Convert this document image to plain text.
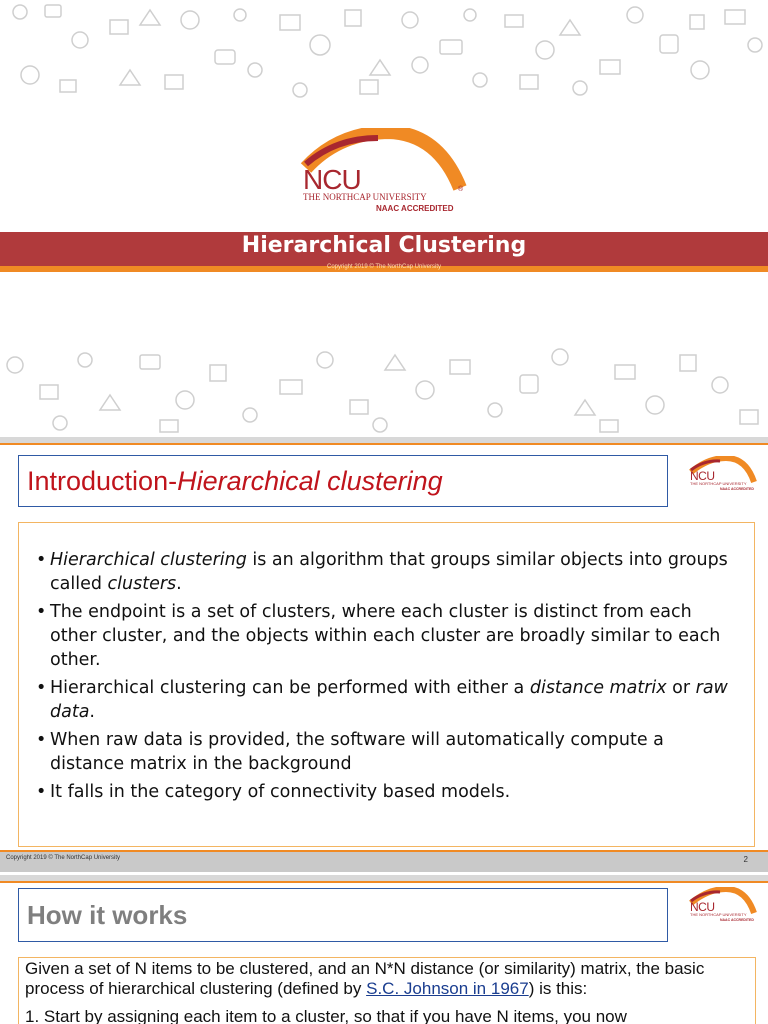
NCU
THE NORTHCAP UNIVERSITY
®
NAAC ACCREDITED
Hierarchical Clustering
Copyright 2019 © The NorthCap University
Introduction-Hierarchical clustering	NCU
THE NORTHCAP UNIVERSITY
NAAC ACCREDITED
• Hierarchical clustering is an algorithm that groups similar objects into groups called clusters.
• The endpoint is a set of clusters, where each cluster is distinct from each other cluster, and the objects within each cluster are broadly similar to each other.
• Hierarchical clustering can be performed with either a distance matrix or raw data.
• When raw data is provided, the software will automatically compute a distance matrix in the background
• It falls in the category of connectivity based models.
Copyright 2019 © The NorthCap University	2
How it works	NCU
THE NORTHCAP UNIVERSITY
NAAC ACCREDITED
Given a set of N items to be clustered, and an N*N distance (or similarity) matrix, the basic process of hierarchical clustering (defined by S.C. Johnson in 1967) is this:
1. Start by assigning each item to a cluster, so that if you have N items, you now
